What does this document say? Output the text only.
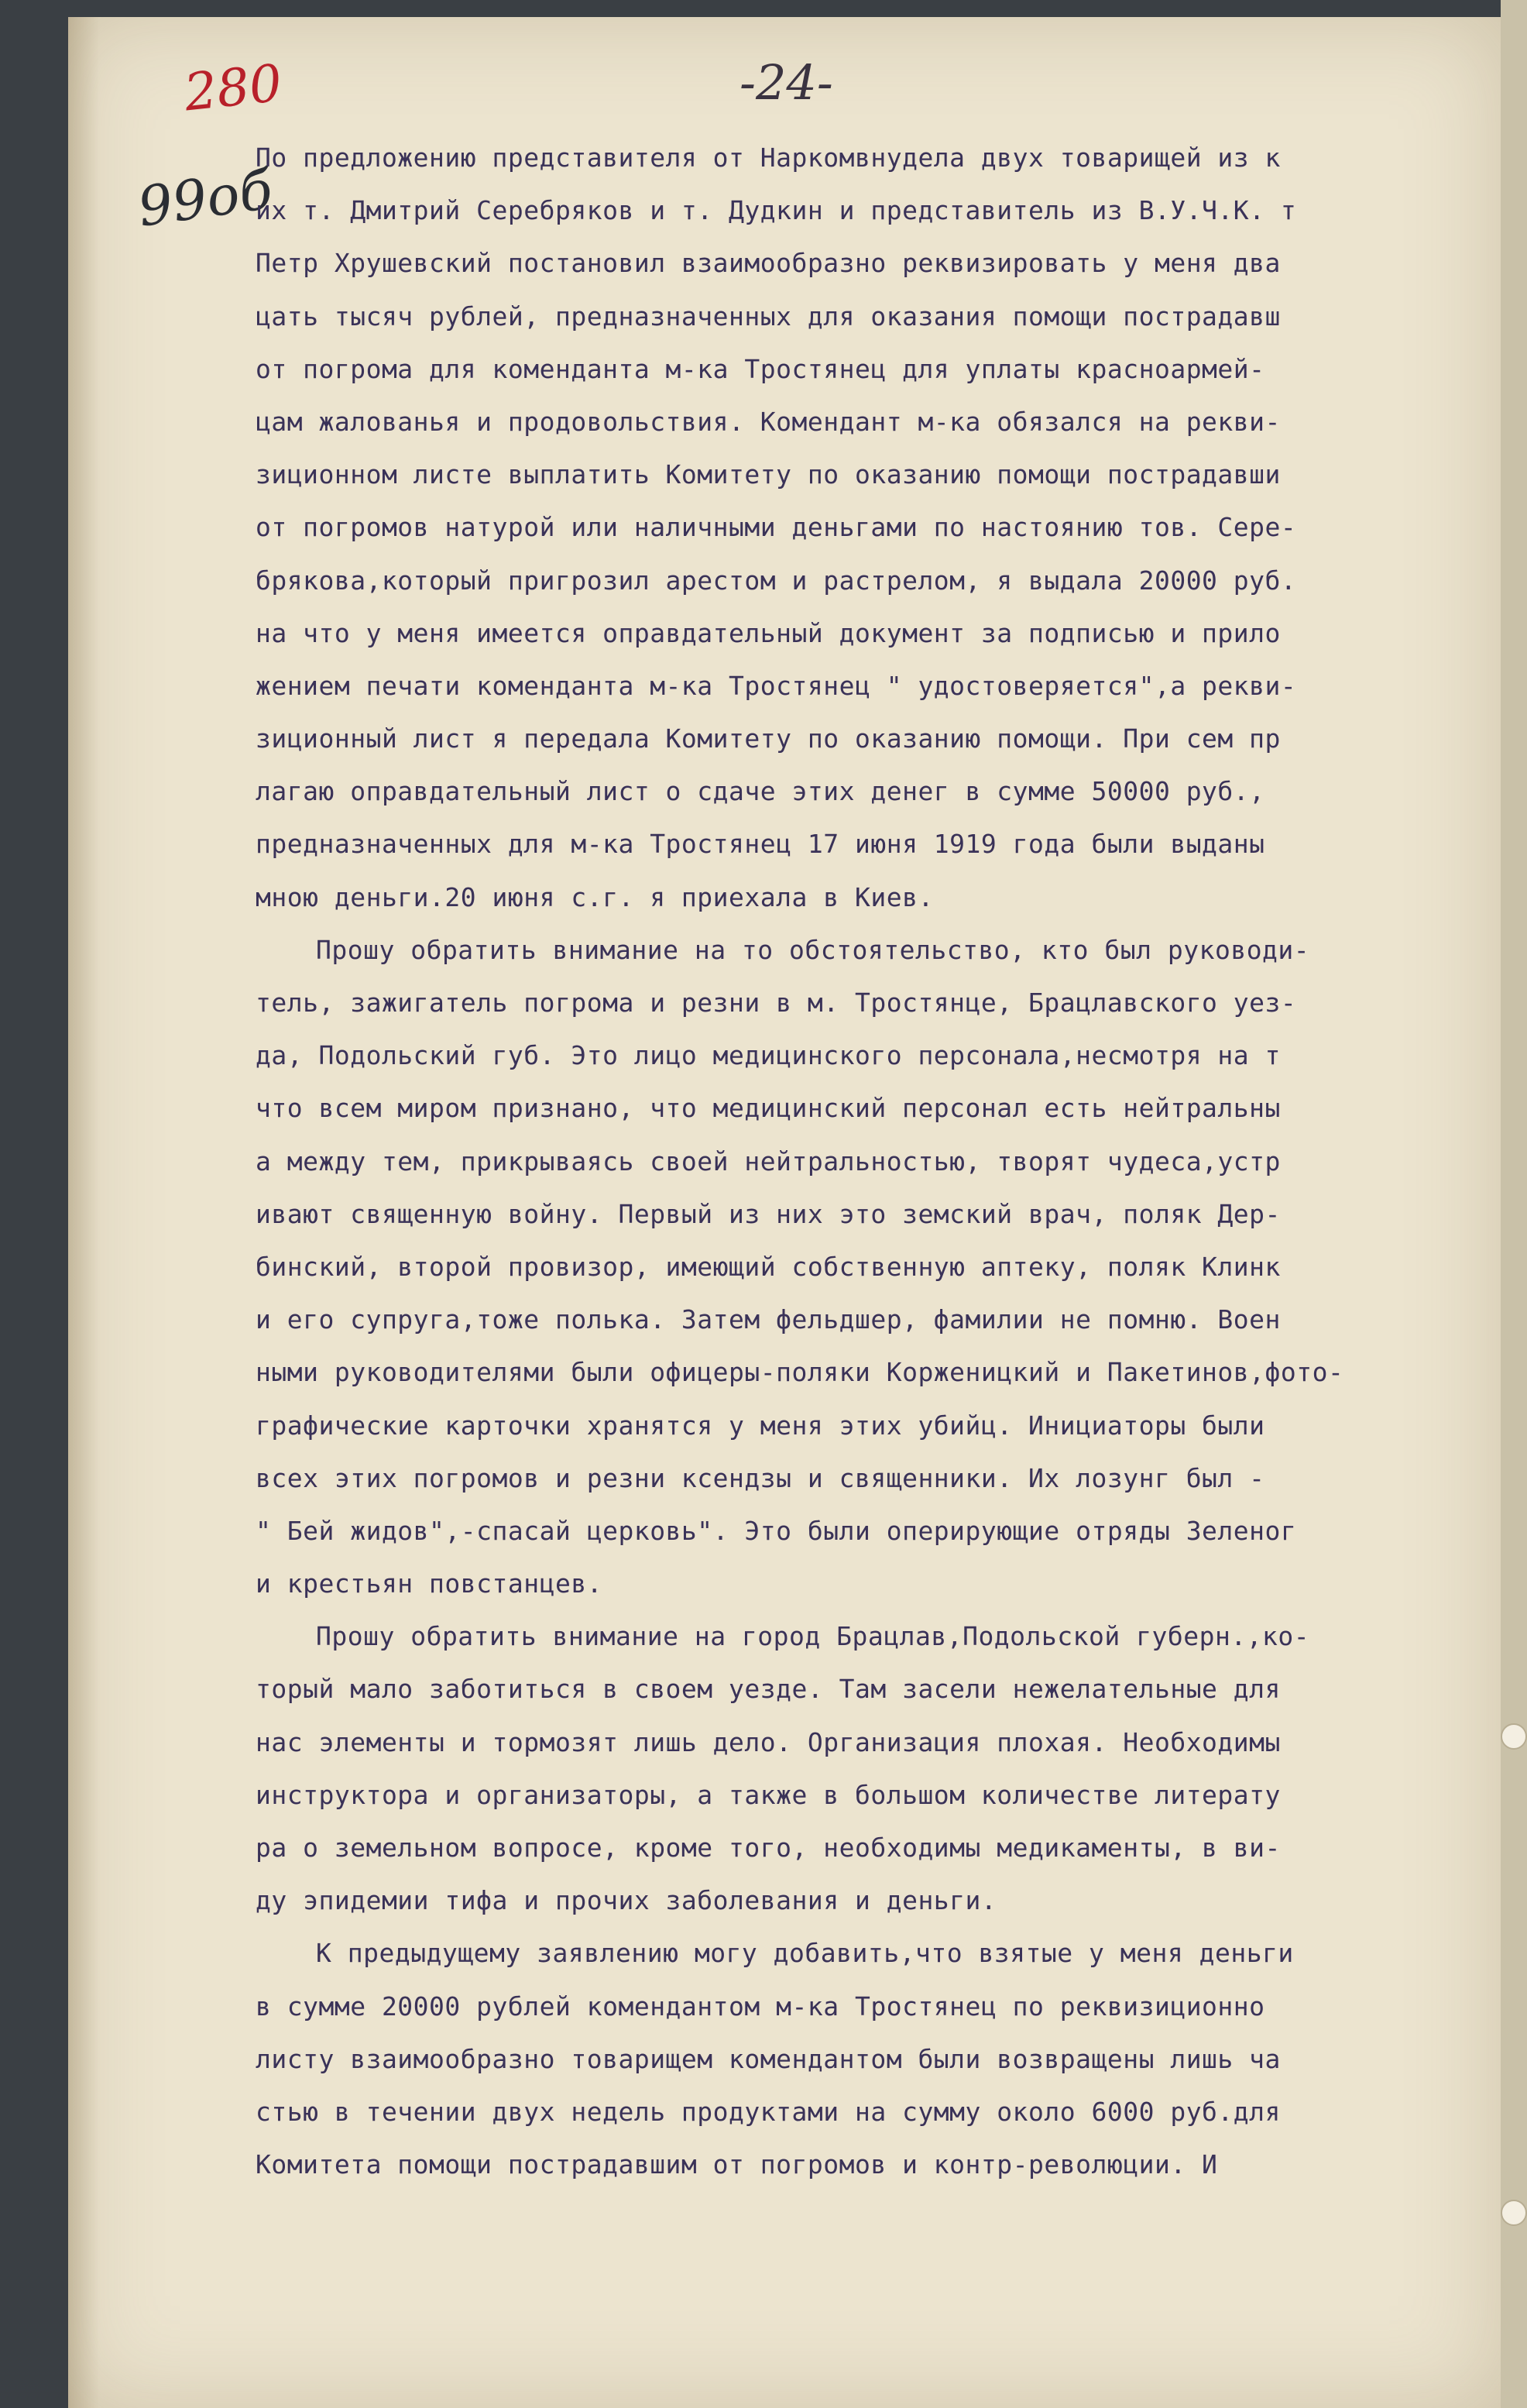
280
99об
-24-
По предложению представителя от Наркомвнудела двух товарищей из к
их т. Дмитрий Серебряков и т. Дудкин и представитель из В.У.Ч.К. т
Петр Хрушевский постановил взаимообразно реквизировать у меня два
цать тысяч рублей, предназначенных для оказания помощи пострадавш
от погрома для коменданта м-ка Тростянец для уплаты красноармей-
цам жалованья и продовольствия. Комендант м-ка обязался на рекви-
зиционном листе выплатить Комитету по оказанию помощи пострадавши
от погромов натурой или наличными деньгами по настоянию тов. Сере-
брякова,который пригрозил арестом и растрелом, я выдала 20000 руб.
на что у меня имеется оправдательный документ за подписью и прило
жением печати коменданта м-ка Тростянец " удостоверяется",а рекви-
зиционный лист я передала Комитету по оказанию помощи. При сем пр
лагаю оправдательный лист о сдаче этих денег в сумме 50000 руб.,
предназначенных для м-ка Тростянец 17 июня 1919 года были выданы
мною деньги.20 июня с.г. я приехала в Киев.
Прошу обратить внимание на то обстоятельство, кто был руководи-
тель, зажигатель погрома и резни в м. Тростянце, Брацлавского уез-
да, Подольский губ. Это лицо медицинского персонала,несмотря на т
что всем миром признано, что медицинский персонал есть нейтральны
а между тем, прикрываясь своей нейтральностью, творят чудеса,устр
ивают священную войну. Первый из них это земский врач, поляк Дер-
бинский, второй провизор, имеющий собственную аптеку, поляк Клинк
и его супруга,тоже полька. Затем фельдшер, фамилии не помню. Воен
ными руководителями были офицеры-поляки Корженицкий и Пакетинов,фото-
графические карточки хранятся у меня этих убийц. Инициаторы были
всех этих погромов и резни ксендзы и священники. Их лозунг был -
" Бей жидов",-спасай церковь". Это были оперирующие отряды Зеленог
и крестьян повстанцев.
Прошу обратить внимание на город Брацлав,Подольской губерн.,ко-
торый мало заботиться в своем уезде. Там засели нежелательные для
нас элементы и тормозят лишь дело. Организация плохая. Необходимы
инструктора и организаторы, а также в большом количестве литерату
ра о земельном вопросе, кроме того, необходимы медикаменты, в ви-
ду эпидемии тифа и прочих заболевания и деньги.
К предыдущему заявлению могу добавить,что взятые у меня деньги
в сумме 20000 рублей комендантом м-ка Тростянец по реквизиционно
листу взаимообразно товарищем комендантом были возвращены лишь ча
стью в течении двух недель продуктами на сумму около 6000 руб.для
Комитета помощи пострадавшим от погромов и контр-революции. И
